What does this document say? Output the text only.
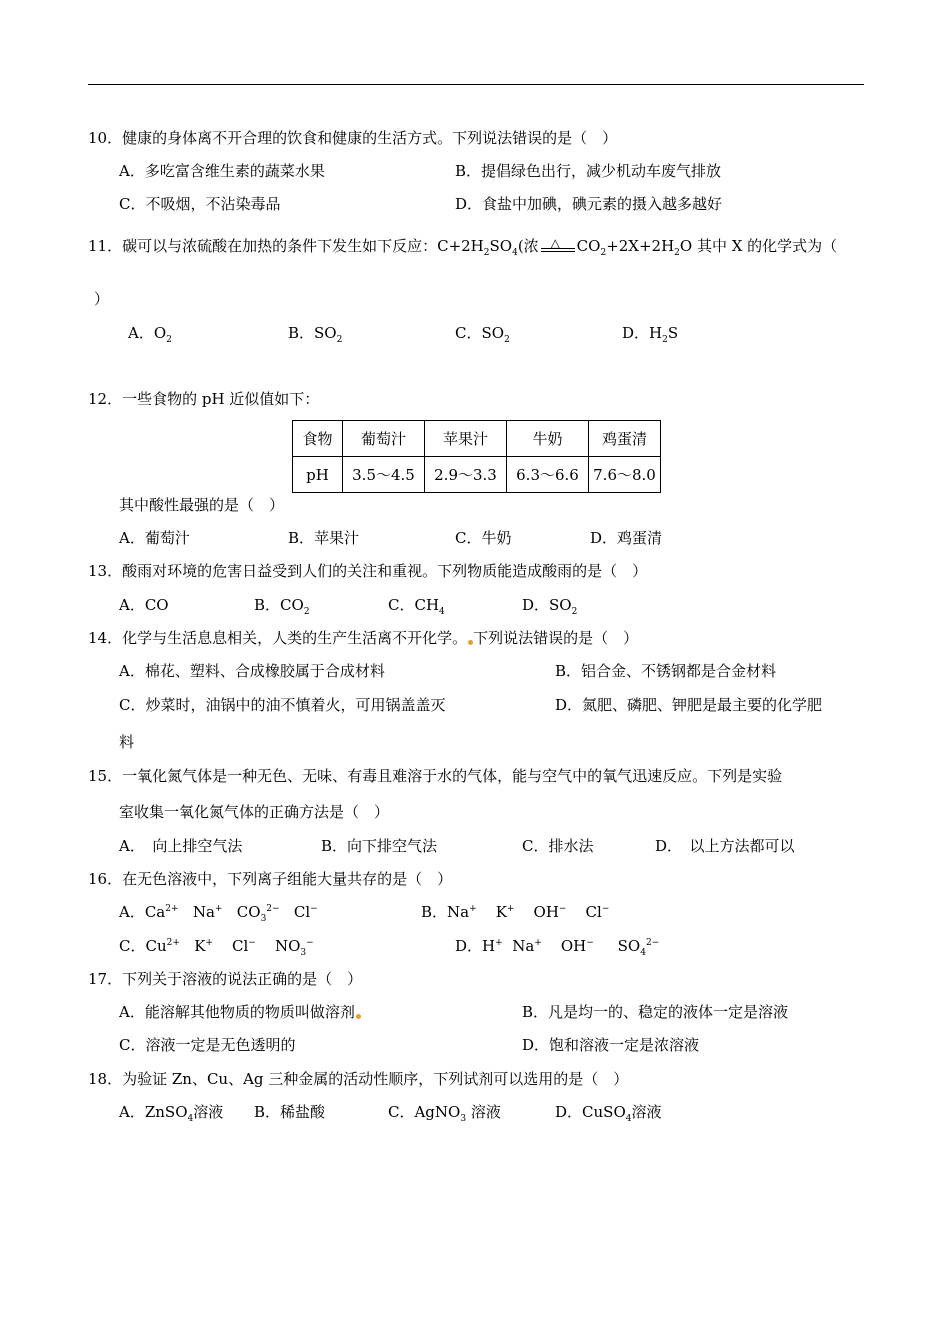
10．健康的身体离不开合理的饮食和健康的生活方式。下列说法错误的是（　）
A．多吃富含维生素的蔬菜水果	B．提倡绿色出行，减少机动车废气排放
C．不吸烟，不沾染毒品	D．食盐中加碘，碘元素的摄入越多越好
11．碳可以与浓硫酸在加热的条件下发生如下反应：$C+2H_2SO_4$(浓 △ $CO_2+2X+2H_2O$ 其中 X 的化学式为（
）
A．$O_2$	B．$SO_2$	C．$SO_2$	D．$H_2S$
12．一些食物的 pH 近似值如下：
食物	葡萄汁	苹果汁	牛奶	鸡蛋清
pH	3.5～4.5	2.9～3.3	6.3～6.6	7.6～8.0
其中酸性最强的是（　）
A．葡萄汁	B．苹果汁	C．牛奶	D．鸡蛋清
13．酸雨对环境的危害日益受到人们的关注和重视。下列物质能造成酸雨的是（　）
A．CO	B．$CO_2$	C．$CH_4$	D．$SO_2$
14．化学与生活息息相关，人类的生产生活离不开化学。 下列说法错误的是（　）
A．棉花、塑料、合成橡胶属于合成材料	B．铝合金、不锈钢都是合金材料
C．炒菜时，油锅中的油不慎着火，可用锅盖盖灭	D．氮肥、磷肥、钾肥是最主要的化学肥
料
15．一氧化氮气体是一种无色、无味、有毒且难溶于水的气体，能与空气中的氧气迅速反应。下列是实验
室收集一氧化氮气体的正确方法是（　）
A．　向上排空气法	B．向下排空气法	C．排水法	D．　以上方法都可以
16．在无色溶液中，下列离子组能大量共存的是（　）
A．$Ca^{2+}$   Na+   $CO_3^{2-}$   Cl−	B．Na+    K+    OH−    Cl−
C．$Cu^{2+}$   K+    Cl−    $NO_3^-$	D．H+  Na+    OH−     $SO_4^{2-}$
17．下列关于溶液的说法正确的是（　）
A．能溶解其他物质的物质叫做溶剂	B．凡是均一的、稳定的液体一定是溶液
C．溶液一定是无色透明的	D．饱和溶液一定是浓溶液
18．为验证 Zn、Cu、Ag 三种金属的活动性顺序，下列试剂可以选用的是（　）
A．ZnSO$_4$溶液 B．稀盐酸	C．AgNO$_3$ 溶液	D．CuSO$_4$溶液
